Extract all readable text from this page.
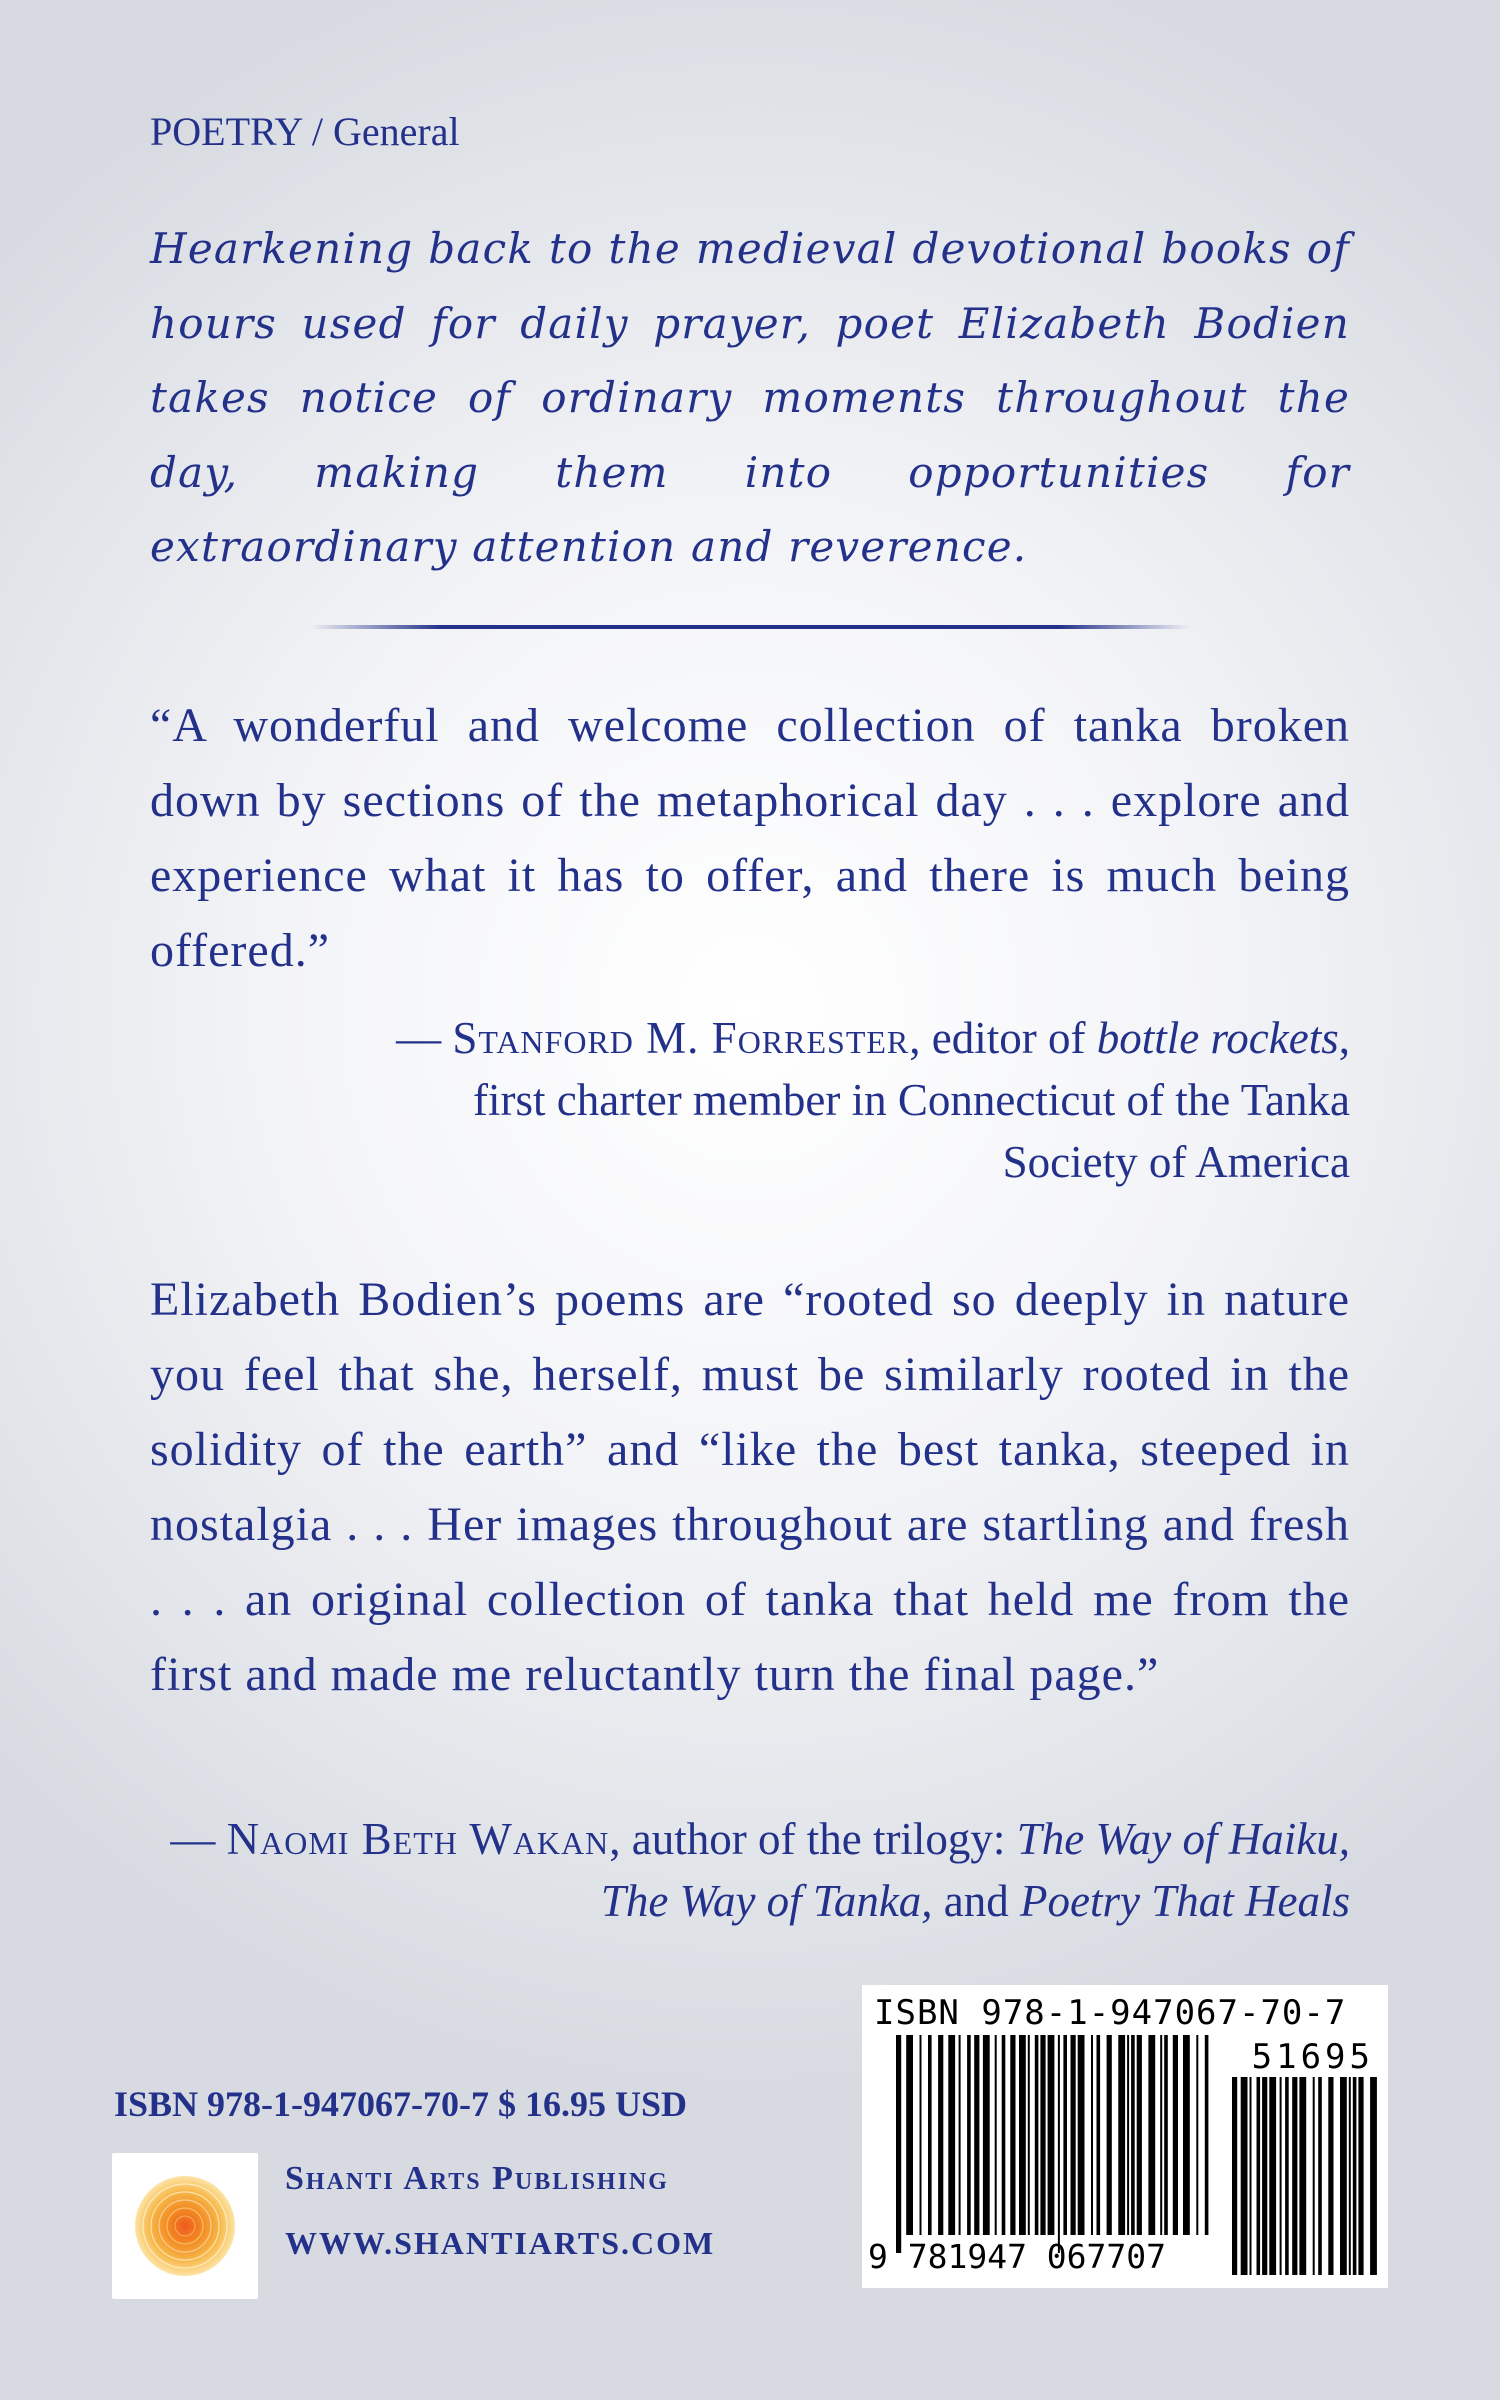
POETRY / General

Hearkening back to the medieval devotional books of hours used for daily prayer, poet Elizabeth Bodien takes notice of ordinary moments throughout the day, making them into opportunities for extraordinary attention and reverence.

“A wonderful and welcome collection of tanka broken down by sections of the metaphorical day . . . explore and experience what it has to offer, and there is much being offered.”

— Stanford M. Forrester, editor of bottle rockets, first charter member in Connecticut of the Tanka Society of America

Elizabeth Bodien’s poems are “rooted so deeply in nature you feel that she, herself, must be similarly rooted in the solidity of the earth” and “like the best tanka, steeped in nostalgia . . . Her images throughout are startling and fresh . . . an original collection of tanka that held me from the first and made me reluctantly turn the final page.”

— Naomi Beth Wakan, author of the trilogy: The Way of Haiku, The Way of Tanka, and Poetry That Heals

ISBN 978-1-947067-70-7 $ 16.95 USD
Shanti Arts Publishing
WWW.SHANTIARTS.COM
ISBN 978-1-947067-70-7
51695
9 781947 067707
